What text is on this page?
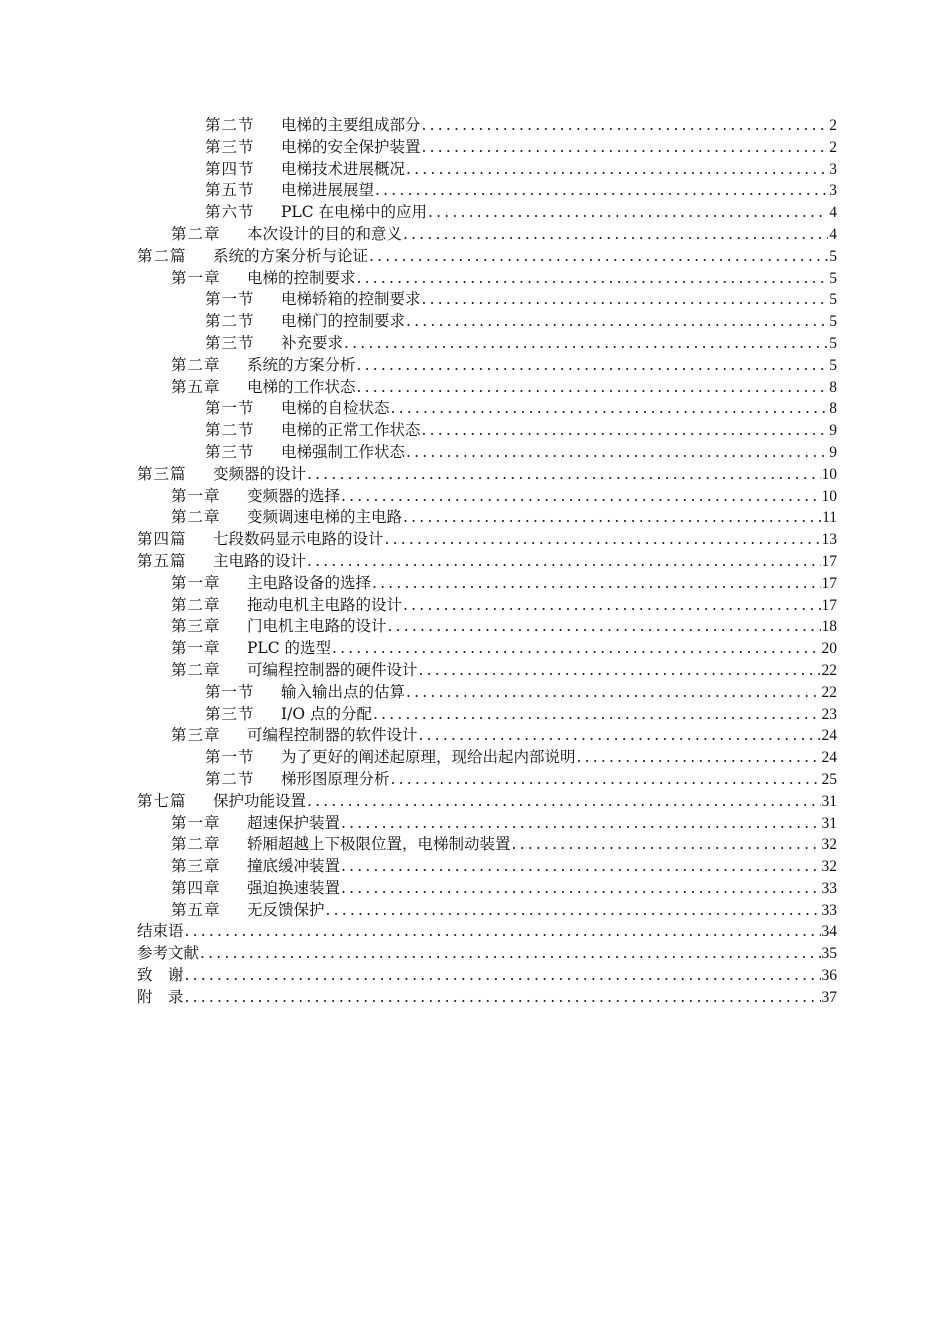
第二节	电梯的主要组成部分 .....	2
第三节	电梯的安全保护装置 .....	2
第四节	电梯技术进展概况 .....	3
第五节	电梯进展展望 .....	3
第六节	PLC 在电梯中的应用 .....	4
第二章	本次设计的目的和意义 .....	4
第二篇	系统的方案分析与论证 .....	5
第一章	电梯的控制要求 .....	5
第一节	电梯轿箱的控制要求 .....	5
第二节	电梯门的控制要求 .....	5
第三节	补充要求 .....	5
第二章	系统的方案分析 .....	5
第五章	电梯的工作状态 .....	8
第一节	电梯的自检状态 .....	8
第二节	电梯的正常工作状态 .....	9
第三节	电梯强制工作状态 .....	9
第三篇	变频器的设计 .....	10
第一章	变频器的选择 .....	10
第二章	变频调速电梯的主电路 .....	11
第四篇	七段数码显示电路的设计 .....	13
第五篇	主电路的设计 .....	17
第一章	主电路设备的选择 .....	17
第二章	拖动电机主电路的设计 .....	17
第三章	门电机主电路的设计 .....	18
第一章	PLC 的选型 .....	20
第二章	可编程控制器的硬件设计 .....	22
第一节	输入输出点的估算 .....	22
第三节	I/O 点的分配 .....	23
第三章	可编程控制器的软件设计 .....	24
第一节	为了更好的阐述起原理，现给出起内部说明 .....	24
第二节	梯形图原理分析 .....	25
第七篇	保护功能设置 .....	31
第一章	超速保护装置 .....	31
第二章	轿厢超越上下极限位置，电梯制动装置 .....	32
第三章	撞底缓冲装置 .....	32
第四章	强迫换速装置 .....	33
第五章	无反馈保护 .....	33
结束语 .....	34
参考文献 .....	35
致　谢 .....	36
附　录 .....	37
